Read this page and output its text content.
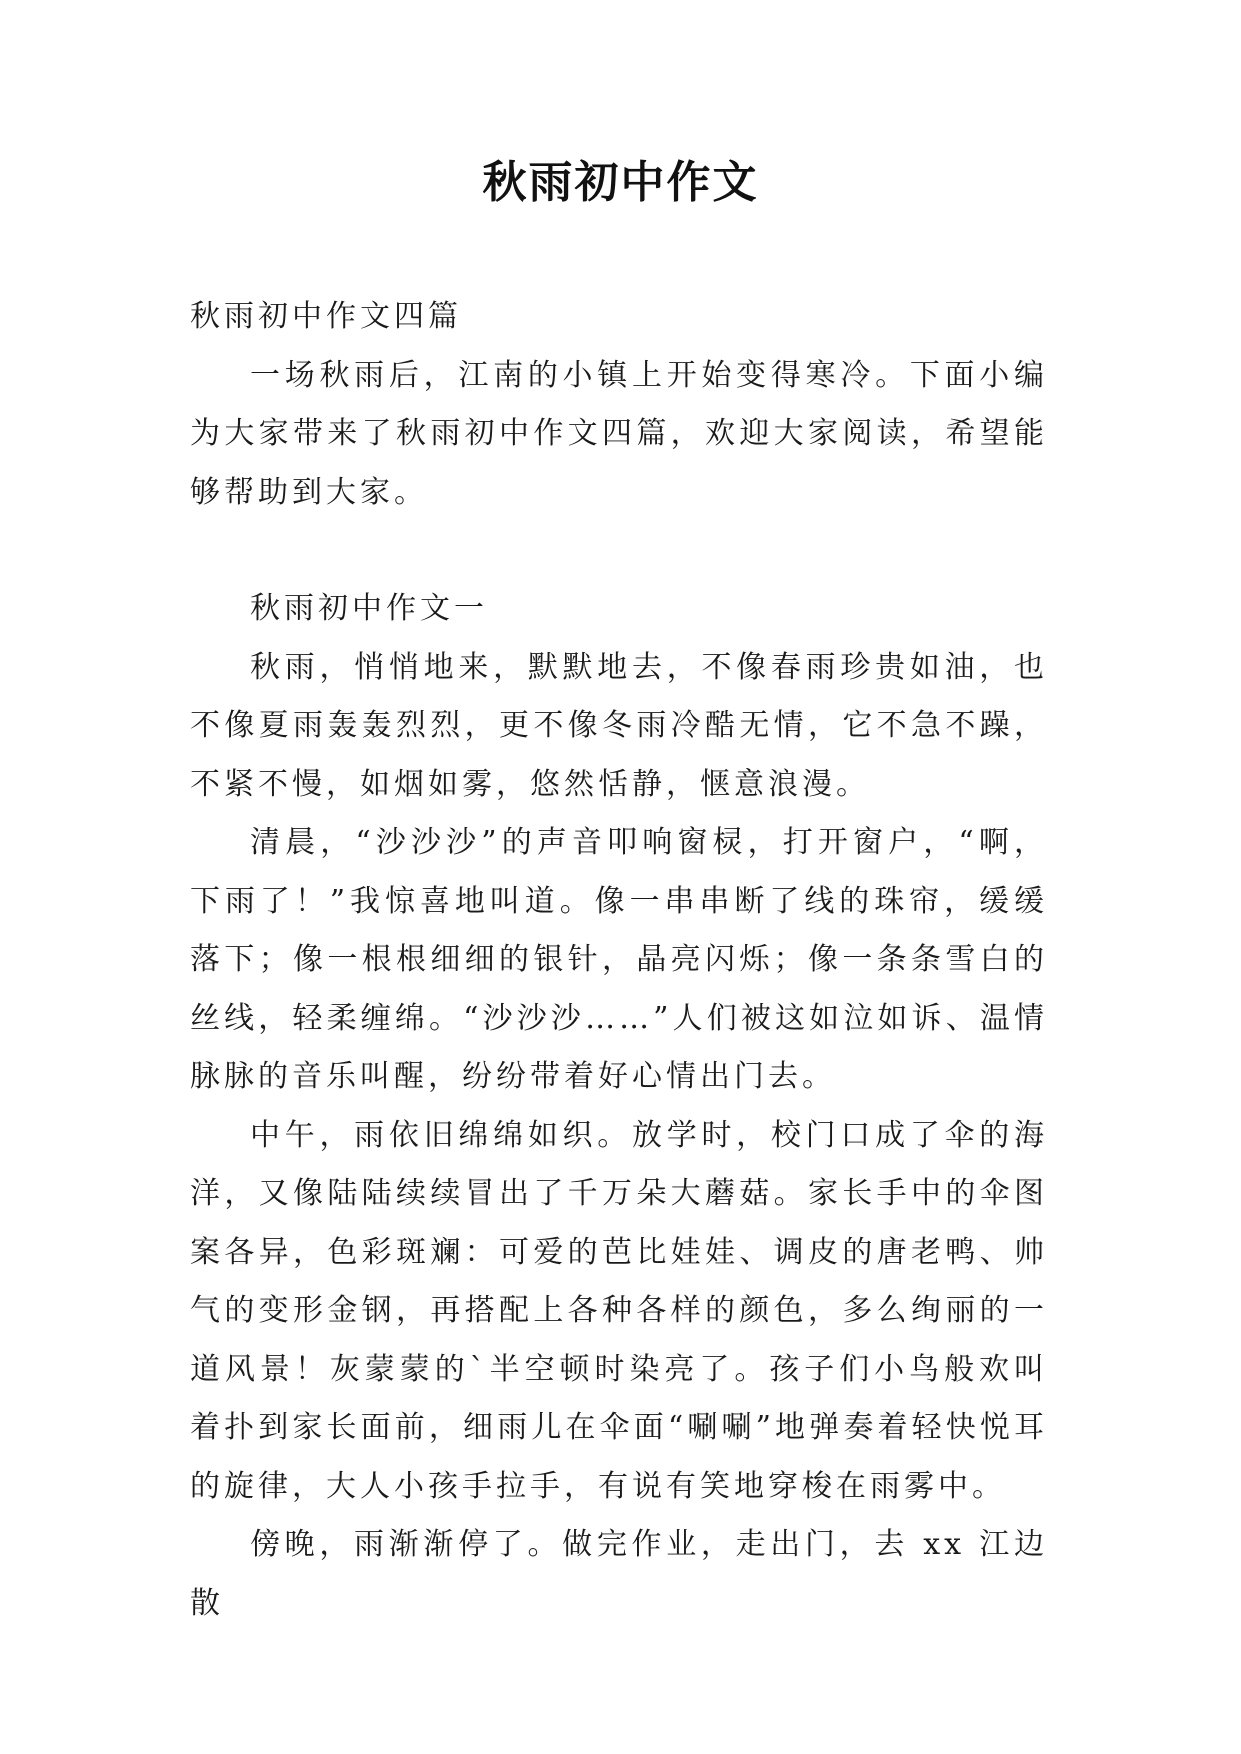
秋雨初中作文

秋雨初中作文四篇

一场秋雨后，江南的小镇上开始变得寒冷。下面小编为大家带来了秋雨初中作文四篇，欢迎大家阅读，希望能够帮助到大家。

秋雨初中作文一

秋雨，悄悄地来，默默地去，不像春雨珍贵如油，也不像夏雨轰轰烈烈，更不像冬雨冷酷无情，它不急不躁，不紧不慢，如烟如雾，悠然恬静，惬意浪漫。

清晨，“沙沙沙”的声音叩响窗棂，打开窗户，“啊，下雨了！”我惊喜地叫道。像一串串断了线的珠帘，缓缓落下；像一根根细细的银针，晶亮闪烁；像一条条雪白的丝线，轻柔缠绵。“沙沙沙……”人们被这如泣如诉、温情脉脉的音乐叫醒，纷纷带着好心情出门去。

中午，雨依旧绵绵如织。放学时，校门口成了伞的海洋，又像陆陆续续冒出了千万朵大蘑菇。家长手中的伞图案各异，色彩斑斓：可爱的芭比娃娃、调皮的唐老鸭、帅气的变形金钢，再搭配上各种各样的颜色，多么绚丽的一道风景！灰蒙蒙的`半空顿时染亮了。孩子们小鸟般欢叫着扑到家长面前，细雨儿在伞面“唰唰”地弹奏着轻快悦耳的旋律，大人小孩手拉手，有说有笑地穿梭在雨雾中。

傍晚，雨渐渐停了。做完作业，走出门，去 xx 江边散
